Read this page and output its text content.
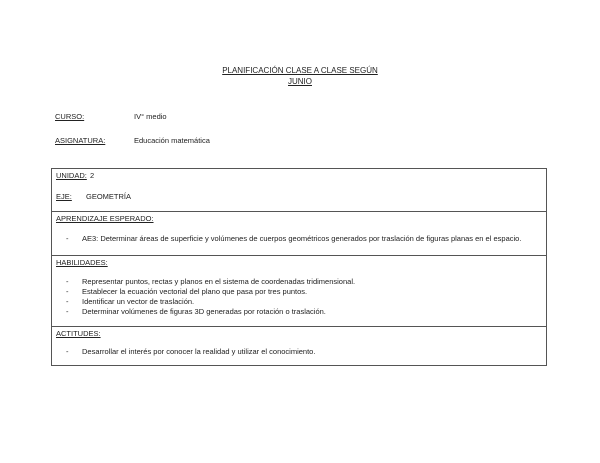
PLANIFICACIÓN CLASE A CLASE SEGÚN
JUNIO
CURSO:	IV° medio
ASIGNATURA:	Educación matemática
UNIDAD: 2
EJE: GEOMETRÍA
APRENDIZAJE ESPERADO:
- AE3: Determinar áreas de superficie y volúmenes de cuerpos geométricos generados por traslación de figuras planas en el espacio.
HABILIDADES:
- Representar puntos, rectas y planos en el sistema de coordenadas tridimensional.
- Establecer la ecuación vectorial del plano que pasa por tres puntos.
- Identificar un vector de traslación.
- Determinar volúmenes de figuras 3D generadas por rotación o traslación.
ACTITUDES:
- Desarrollar el interés por conocer la realidad y utilizar el conocimiento.
